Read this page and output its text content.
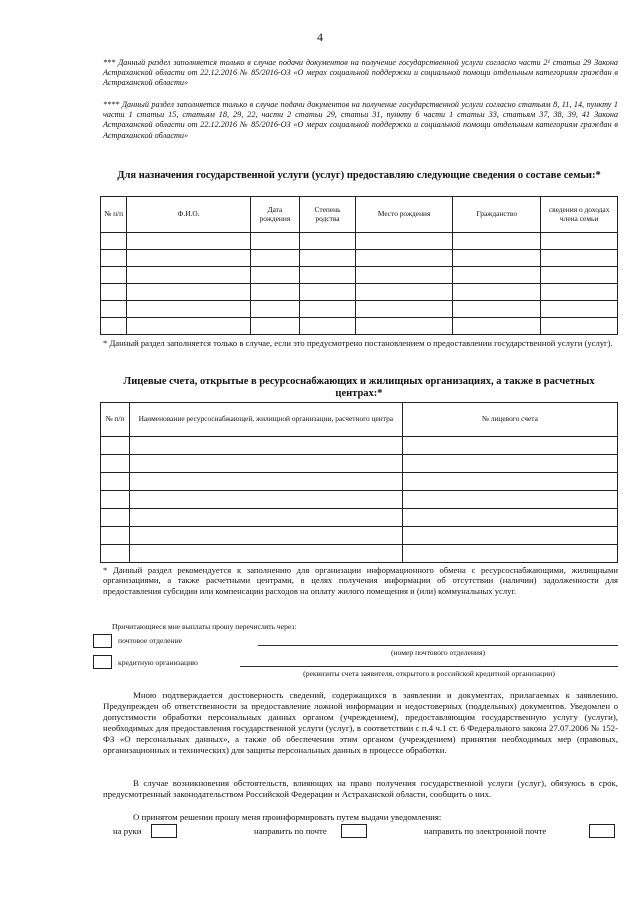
4
*** Данный раздел заполняется только в случае подачи документов на получение государственной услуги согласно части 2¹ статьи 29 Закона Астраханской области от 22.12.2016 № 85/2016-ОЗ «О мерах социальной поддержки и социальной помощи отдельным категориям граждан в Астраханской области»
**** Данный раздел заполняется только в случае подачи документов на получение государственной услуги согласно статьям 8, 11, 14, пункту 1 части 1 статьи 15, статьям 18, 29, 22, части 2 статьи 29, статьи 31, пункту 6 части 1 статьи 33, статьям 37, 38, 39, 41 Закона Астраханской области от 22.12.2016 № 85/2016-ОЗ «О мерах социальной поддержки и социальной помощи отдельным категориям граждан в Астраханской области»
Для назначения государственной услуги (услуг) предоставляю следующие сведения о составе семьи:*
№ п/п	Ф.И.О.	Дата рождения	Степень родства	Место рождения	Гражданство	сведения о доходах члена семьи

* Данный раздел заполняется только в случае, если это предусмотрено постановлением о предоставлении государственной услуги (услуг).
Лицевые счета, открытые в ресурсоснабжающих и жилищных организациях, а также в расчетных центрах:*
№ п/п	Наименование ресурсоснабжающей, жилищной организации, расчетного центра	№ лицевого счета

* Данный раздел рекомендуется к заполнению для организации информационного обмена с ресурсоснабжающими, жилищными организациями, а также расчетными центрами, в целях получения информации об отсутствии (наличии) задолженности для предоставления субсидии или компенсации расходов на оплату жилого помещения и (или) коммунальных услуг.
Причитающиеся мне выплаты прошу перечислять через:
почтовое отделение
(номер почтового отделения)
кредитную организацию
(реквизиты счета заявителя, открытого в российской кредитной организации)
Мною подтверждается достоверность сведений, содержащихся в заявлении и документах, прилагаемых к заявлению. Предупрежден об ответственности за предоставление ложной информации и недостоверных (поддельных) документов. Уведомлен о допустимости обработки персональных данных органом (учреждением), предоставляющим государственную услугу (услуги), необходимых для предоставления государственной услуги (услуг), в соответствии с п.4 ч.1 ст. 6 Федерального закона 27.07.2006 № 152-ФЗ «О персональных данных», а также об обеспечении этим органом (учреждением) принятия необходимых мер (правовых, организационных и технических) для защиты персональных данных в процессе обработки.
В случае возникновения обстоятельств, влияющих на право получения государственной услуги (услуг), обязуюсь в срок, предусмотренный законодательством Российской Федерации и Астраханской области, сообщить о них.
О принятом решении прошу меня проинформировать путем выдачи уведомления:
на руки	направить по почте	направить по электронной почте
